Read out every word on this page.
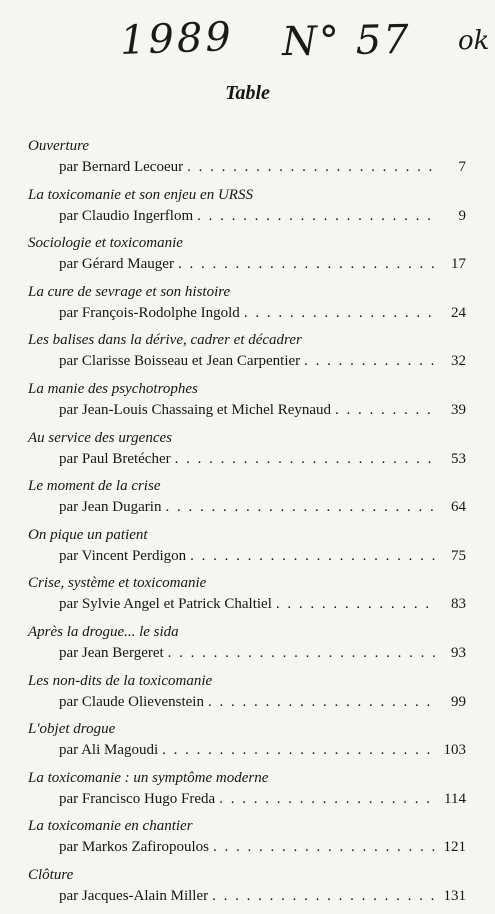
1989 N° 57 ok
Table
Ouverture
par Bernard Lecoeur . . .	7
La toxicomanie et son enjeu en URSS
par Claudio Ingerflom . . .	9
Sociologie et toxicomanie
par Gérard Mauger . . .	17
La cure de sevrage et son histoire
par François-Rodolphe Ingold . . .	24
Les balises dans la dérive, cadrer et décadrer
par Clarisse Boisseau et Jean Carpentier . . .	32
La manie des psychotrophes
par Jean-Louis Chassaing et Michel Reynaud . . .	39
Au service des urgences
par Paul Bretécher . . .	53
Le moment de la crise
par Jean Dugarin . . .	64
On pique un patient
par Vincent Perdigon . . .	75
Crise, système et toxicomanie
par Sylvie Angel et Patrick Chaltiel . . .	83
Après la drogue... le sida
par Jean Bergeret . . .	93
Les non-dits de la toxicomanie
par Claude Olievenstein . . .	99
L'objet drogue
par Ali Magoudi . . .	103
La toxicomanie : un symptôme moderne
par Francisco Hugo Freda . . .	114
La toxicomanie en chantier
par Markos Zafiropoulos . . .	121
Clôture
par Jacques-Alain Miller . . .	131
